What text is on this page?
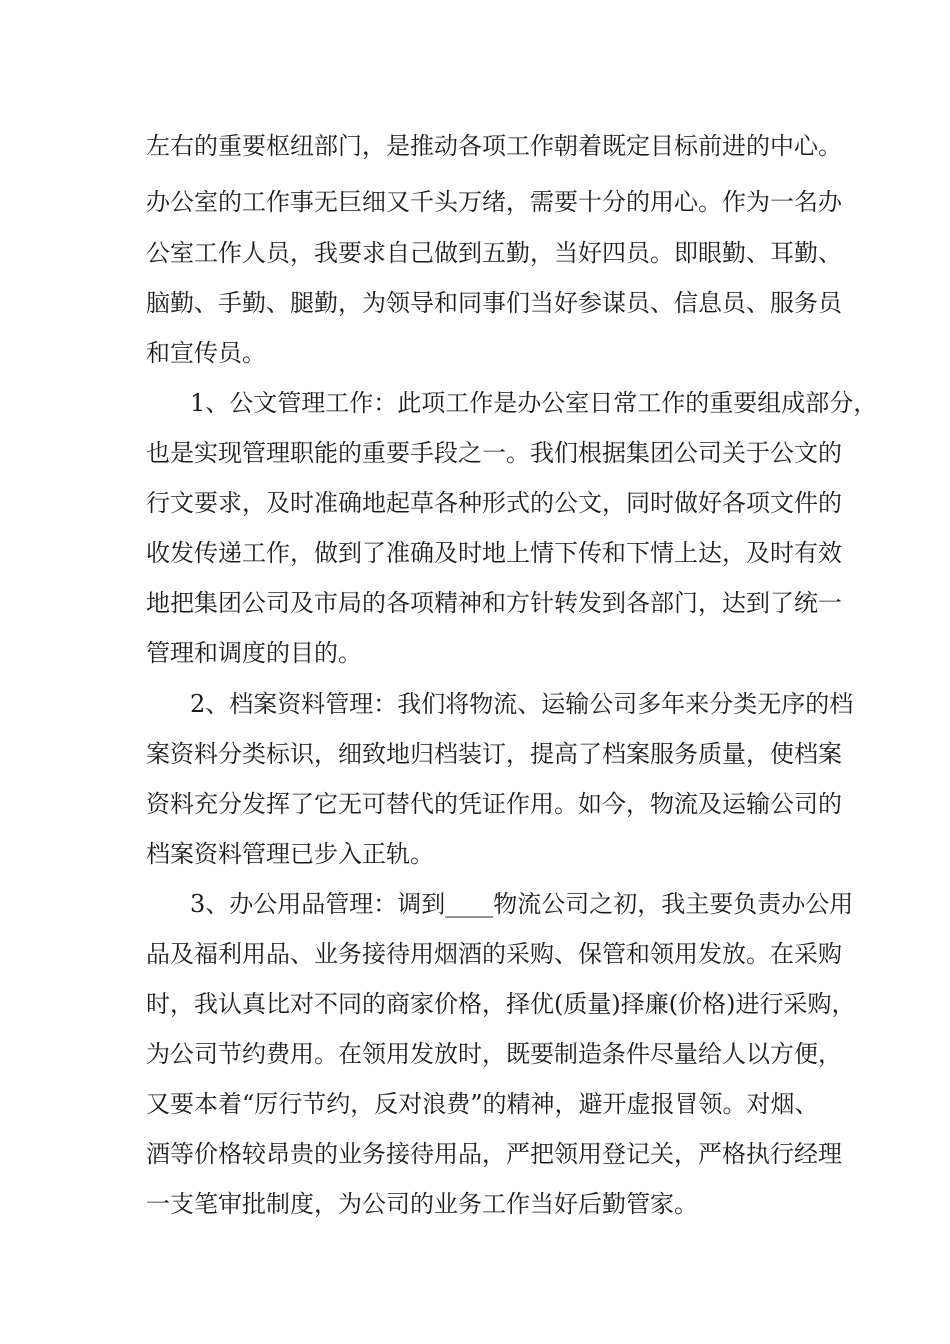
左右的重要枢纽部门，是推动各项工作朝着既定目标前进的中心。
办公室的工作事无巨细又千头万绪，需要十分的用心。作为一名办
公室工作人员，我要求自己做到五勤，当好四员。即眼勤、耳勤、
脑勤、手勤、腿勤，为领导和同事们当好参谋员、信息员、服务员
和宣传员。
1、公文管理工作：此项工作是办公室日常工作的重要组成部分，
也是实现管理职能的重要手段之一。我们根据集团公司关于公文的
行文要求，及时准确地起草各种形式的公文，同时做好各项文件的
收发传递工作，做到了准确及时地上情下传和下情上达，及时有效
地把集团公司及市局的各项精神和方针转发到各部门，达到了统一
管理和调度的目的。
2、档案资料管理：我们将物流、运输公司多年来分类无序的档
案资料分类标识，细致地归档装订，提高了档案服务质量，使档案
资料充分发挥了它无可替代的凭证作用。如今，物流及运输公司的
档案资料管理已步入正轨。
3、办公用品管理：调到____物流公司之初，我主要负责办公用
品及福利用品、业务接待用烟酒的采购、保管和领用发放。在采购
时，我认真比对不同的商家价格，择优(质量)择廉(价格)进行采购，
为公司节约费用。在领用发放时，既要制造条件尽量给人以方便，
又要本着“厉行节约，反对浪费”的精神，避开虚报冒领。对烟、
酒等价格较昂贵的业务接待用品，严把领用登记关，严格执行经理
一支笔审批制度，为公司的业务工作当好后勤管家。
